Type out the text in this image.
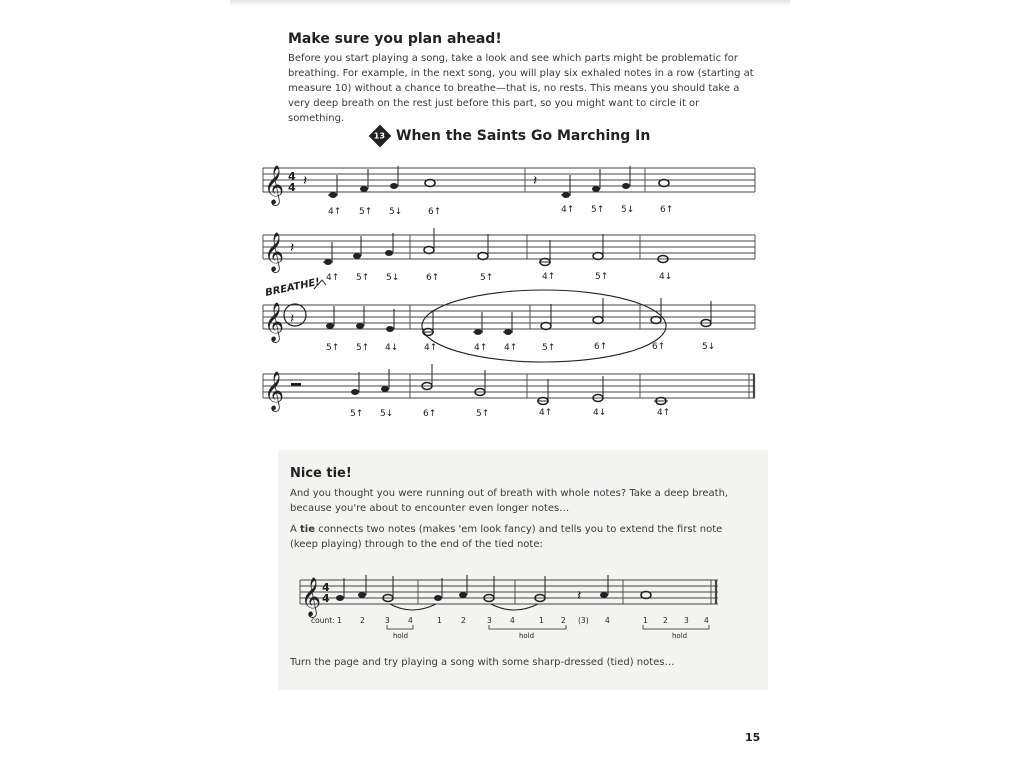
Make sure you plan ahead!
Before you start playing a song, take a look and see which parts might be problematic for
breathing. For example, in the next song, you will play six exhaled notes in a row (starting at
measure 10) without a chance to breathe—that is, no rests. This means you should take a
very deep breath on the rest just before this part, so you might want to circle it or
something.
13 When the Saints Go Marching In
𝄞 4
4 𝄽	𝄽
4↑ 5↑ 5↓	6↑	4↑ 5↑ 5↓	6↑
𝄞 𝄽
4↑ 5↑ 5↓	6↑	5↑	4↑	5↑	4↓
BREATHE!
𝄞 𝄽
5↑ 5↑ 4↓	4↑	4↑ 4↑	5↑	6↑	6↑	5↓
𝄞
5↑ 5↓	6↑	5↑	4↑	4↓	4↑
Nice tie!
And you thought you were running out of breath with whole notes? Take a deep breath,
because you're about to encounter even longer notes…
A tie connects two notes (makes 'em look fancy) and tells you to extend the first note
(keep playing) through to the end of the tied note:
𝄞 4
4	𝄽
count: 1 2	3 4	1	2	3 4	1 2 (3) 4	1 2 3 4
hold	hold	hold
Turn the page and try playing a song with some sharp-dressed (tied) notes…
15
